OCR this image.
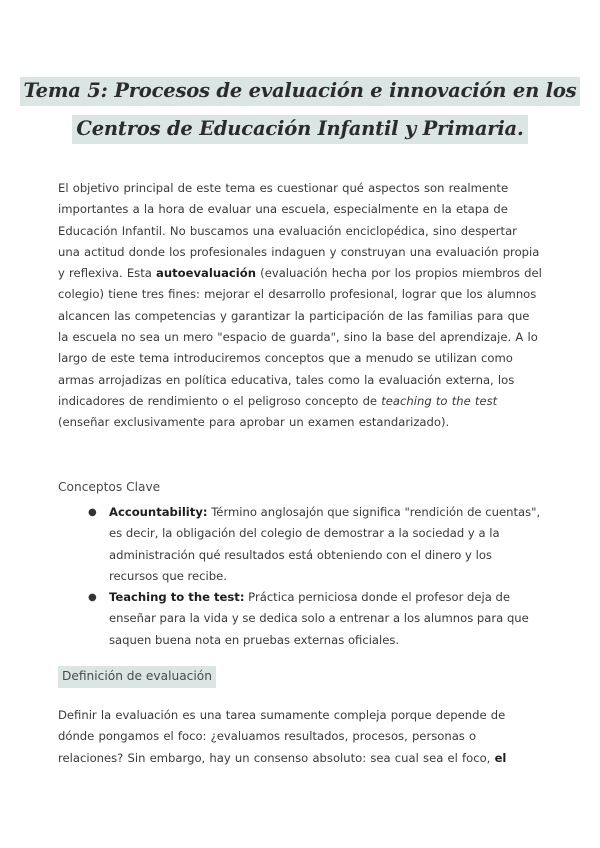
Tema 5: Procesos de evaluación e innovación en los
Centros de Educación Infantil y Primaria.

El objetivo principal de este tema es cuestionar qué aspectos son realmente importantes a la hora de evaluar una escuela, especialmente en la etapa de Educación Infantil. No buscamos una evaluación enciclopédica, sino despertar una actitud donde los profesionales indaguen y construyan una evaluación propia y reflexiva. Esta autoevaluación (evaluación hecha por los propios miembros del colegio) tiene tres fines: mejorar el desarrollo profesional, lograr que los alumnos alcancen las competencias y garantizar la participación de las familias para que la escuela no sea un mero "espacio de guarda", sino la base del aprendizaje. A lo largo de este tema introduciremos conceptos que a menudo se utilizan como armas arrojadizas en política educativa, tales como la evaluación externa, los indicadores de rendimiento o el peligroso concepto de teaching to the test (enseñar exclusivamente para aprobar un examen estandarizado).

Conceptos Clave
● Accountability: Término anglosajón que significa "rendición de cuentas", es decir, la obligación del colegio de demostrar a la sociedad y a la administración qué resultados está obteniendo con el dinero y los recursos que recibe.
● Teaching to the test: Práctica perniciosa donde el profesor deja de enseñar para la vida y se dedica solo a entrenar a los alumnos para que saquen buena nota en pruebas externas oficiales.
Definición de evaluación

Definir la evaluación es una tarea sumamente compleja porque depende de dónde pongamos el foco: ¿evaluamos resultados, procesos, personas o relaciones? Sin embargo, hay un consenso absoluto: sea cual sea el foco, el
